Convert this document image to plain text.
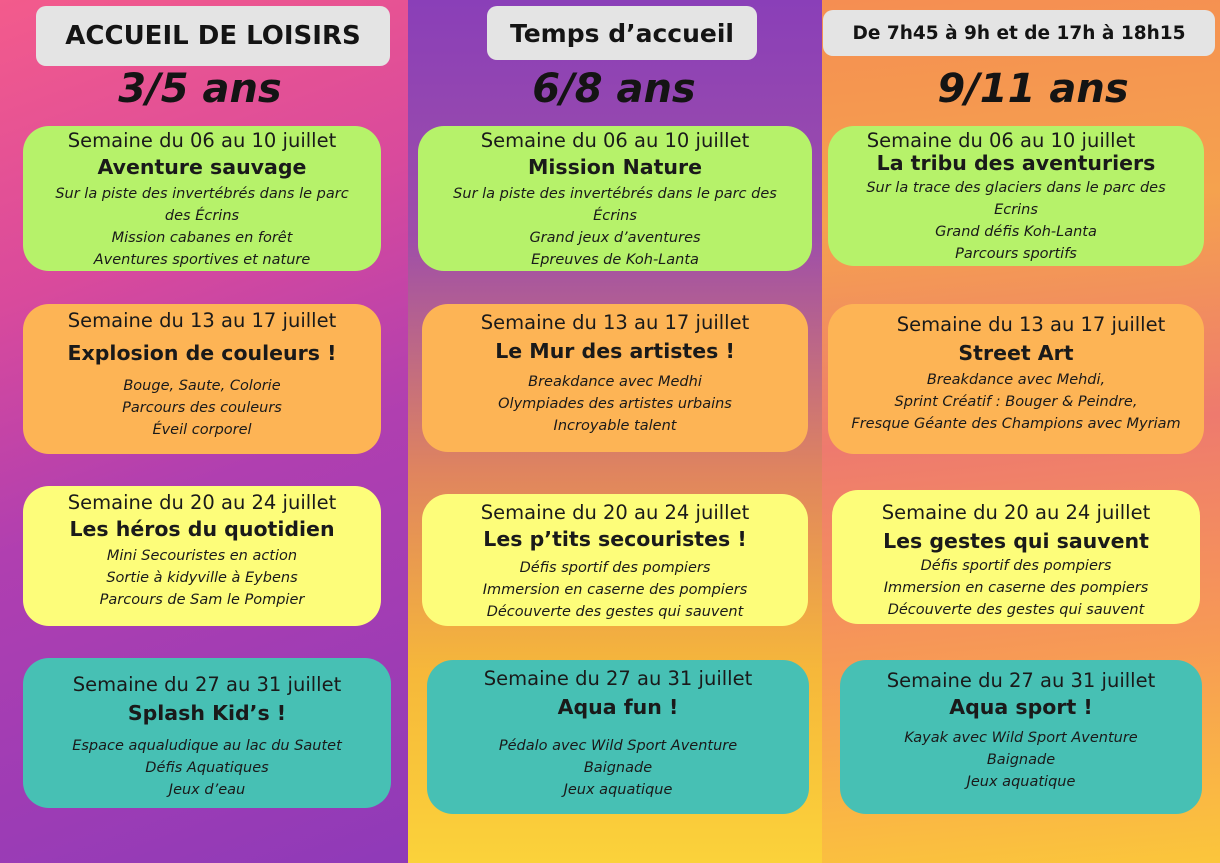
ACCUEIL DE LOISIRS	Temps d’accueil	De 7h45 à 9h et de 17h à 18h15
3/5 ans	6/8 ans	9/11 ans
Semaine du 06 au 10 juillet
Aventure sauvage
Sur la piste des invertébrés dans le parc des Écrins
Mission cabanes en forêt
Aventures sportives et nature
Semaine du 13 au 17 juillet
Explosion de couleurs !
Bouge, Saute, Colorie
Parcours des couleurs
Éveil corporel
Semaine du 20 au 24 juillet
Les héros du quotidien
Mini Secouristes en action
Sortie à kidyville à Eybens
Parcours de Sam le Pompier
Semaine du 27 au 31 juillet
Splash Kid’s !
Espace aqualudique au lac du Sautet
Défis Aquatiques
Jeux d’eau
Semaine du 06 au 10 juillet
Mission Nature
Sur la piste des invertébrés dans le parc des Écrins
Grand jeux d’aventures
Epreuves de Koh-Lanta
Semaine du 13 au 17 juillet
Le Mur des artistes !
Breakdance avec Medhi
Olympiades des artistes urbains
Incroyable talent
Semaine du 20 au 24 juillet
Les p’tits secouristes !
Défis sportif des pompiers
Immersion en caserne des pompiers
Découverte des gestes qui sauvent
Semaine du 27 au 31 juillet
Aqua fun !
Pédalo avec Wild Sport Aventure
Baignade
Jeux aquatique
Semaine du 06 au 10 juillet
La tribu des aventuriers
Sur la trace des glaciers dans le parc des Ecrins
Grand défis Koh-Lanta
Parcours sportifs
Semaine du 13 au 17 juillet
Street Art
Breakdance avec Mehdi,
Sprint Créatif : Bouger & Peindre,
Fresque Géante des Champions avec Myriam
Semaine du 20 au 24 juillet
Les gestes qui sauvent
Défis sportif des pompiers
Immersion en caserne des pompiers
Découverte des gestes qui sauvent
Semaine du 27 au 31 juillet
Aqua sport !
Kayak avec Wild Sport Aventure
Baignade
Jeux aquatique
